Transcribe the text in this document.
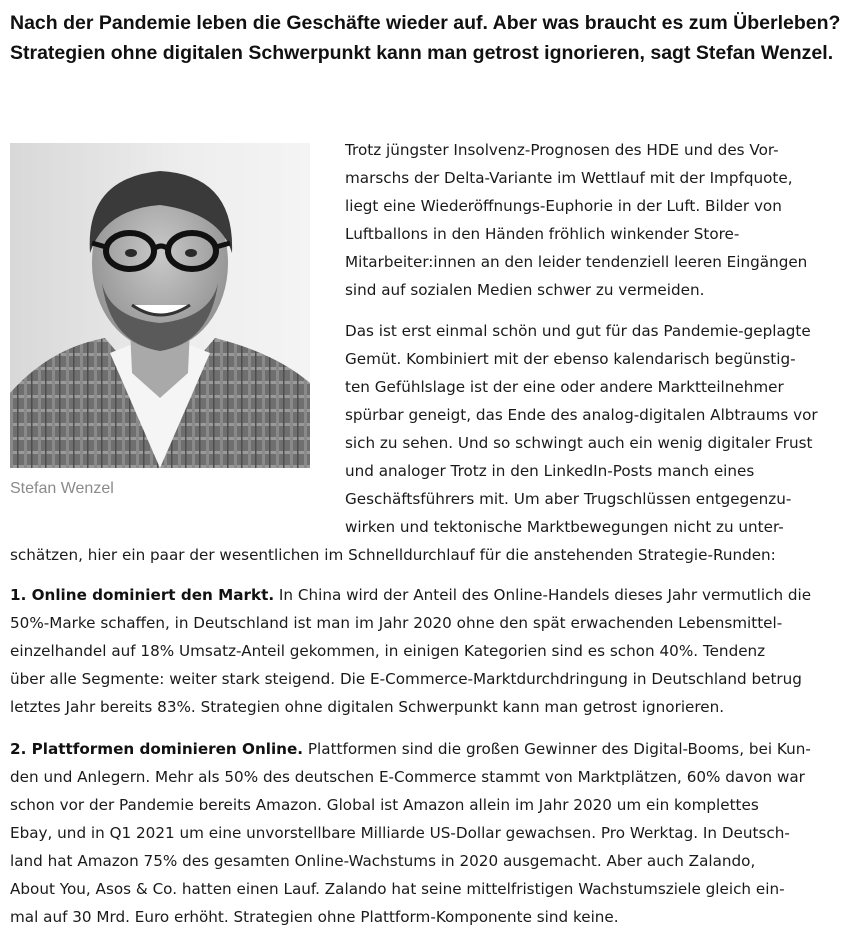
Nach der Pandemie leben die Geschäfte wieder auf. Aber was braucht es zum Überleben? Strategien ohne digitalen Schwerpunkt kann man getrost ignorieren, sagt Stefan Wenzel.

Stefan Wenzel

Trotz jüngster Insolvenz-Prognosen des HDE und des Vor-
marschs der Delta-Variante im Wettlauf mit der Impfquote,
liegt eine Wiederöffnungs-Euphorie in der Luft. Bilder von
Luftballons in den Händen fröhlich winkender Store-
Mitarbeiter:innen an den leider tendenziell leeren Eingängen
sind auf sozialen Medien schwer zu vermeiden.

Das ist erst einmal schön und gut für das Pandemie-geplagte
Gemüt. Kombiniert mit der ebenso kalendarisch begünstig-
ten Gefühlslage ist der eine oder andere Marktteilnehmer
spürbar geneigt, das Ende des analog-digitalen Albtraums vor
sich zu sehen. Und so schwingt auch ein wenig digitaler Frust
und analoger Trotz in den LinkedIn-Posts manch eines
Geschäftsführers mit. Um aber Trugschlüssen entgegenzu-
wirken und tektonische Marktbewegungen nicht zu unter-

schätzen, hier ein paar der wesentlichen im Schnelldurchlauf für die anstehenden Strategie-Runden:

1. Online dominiert den Markt. In China wird der Anteil des Online-Handels dieses Jahr vermutlich die
50%-Marke schaffen, in Deutschland ist man im Jahr 2020 ohne den spät erwachenden Lebensmittel-
einzelhandel auf 18% Umsatz-Anteil gekommen, in einigen Kategorien sind es schon 40%. Tendenz
über alle Segmente: weiter stark steigend. Die E-Commerce-Marktdurchdringung in Deutschland betrug
letztes Jahr bereits 83%. Strategien ohne digitalen Schwerpunkt kann man getrost ignorieren.

2. Plattformen dominieren Online. Plattformen sind die großen Gewinner des Digital-Booms, bei Kun-
den und Anlegern. Mehr als 50% des deutschen E-Commerce stammt von Marktplätzen, 60% davon war
schon vor der Pandemie bereits Amazon. Global ist Amazon allein im Jahr 2020 um ein komplettes
Ebay, und in Q1 2021 um eine unvorstellbare Milliarde US-Dollar gewachsen. Pro Werktag. In Deutsch-
land hat Amazon 75% des gesamten Online-Wachstums in 2020 ausgemacht. Aber auch Zalando,
About You, Asos & Co. hatten einen Lauf. Zalando hat seine mittelfristigen Wachstumsziele gleich ein-
mal auf 30 Mrd. Euro erhöht. Strategien ohne Plattform-Komponente sind keine.
